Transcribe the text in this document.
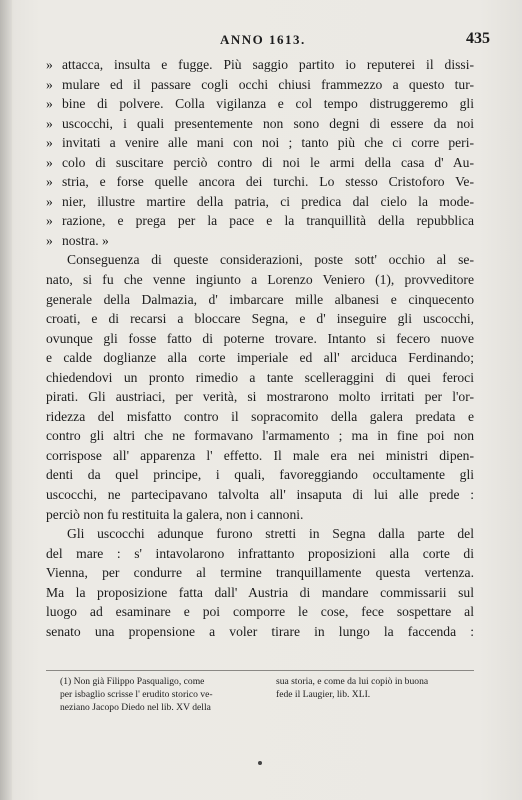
ANNO 1613.	435
» attacca, insulta e fugge. Più saggio partito io reputerei il dissi-
» mulare ed il passare cogli occhi chiusi frammezzo a questo tur-
» bine di polvere. Colla vigilanza e col tempo distruggeremo gli
» uscocchi, i quali presentemente non sono degni di essere da noi
» invitati a venire alle mani con noi ; tanto più che ci corre peri-
» colo di suscitare perciò contro di noi le armi della casa d' Au-
» stria, e forse quelle ancora dei turchi. Lo stesso Cristoforo Ve-
» nier, illustre martire della patria, ci predica dal cielo la mode-
» razione, e prega per la pace e la tranquillità della repubblica
» nostra. »
Conseguenza di queste considerazioni, poste sott' occhio al se-
nato, si fu che venne ingiunto a Lorenzo Veniero (1), provveditore
generale della Dalmazia, d' imbarcare mille albanesi e cinquecento
croati, e di recarsi a bloccare Segna, e d' inseguire gli uscocchi,
ovunque gli fosse fatto di poterne trovare. Intanto si fecero nuove
e calde doglianze alla corte imperiale ed all' arciduca Ferdinando;
chiedendovi un pronto rimedio a tante scelleraggini di quei feroci
pirati. Gli austriaci, per verità, si mostrarono molto irritati per l'or-
ridezza del misfatto contro il sopracomito della galera predata e
contro gli altri che ne formavano l'armamento ; ma in fine poi non
corrispose all' apparenza l' effetto. Il male era nei ministri dipen-
denti da quel principe, i quali, favoreggiando occultamente gli
uscocchi, ne partecipavano talvolta all' insaputa di lui alle prede :
perciò non fu restituita la galera, non i cannoni.
Gli uscocchi adunque furono stretti in Segna dalla parte del
del mare : s' intavolarono infrattanto proposizioni alla corte di
Vienna, per condurre al termine tranquillamente questa vertenza.
Ma la proposizione fatta dall' Austria di mandare commissarii sul
luogo ad esaminare e poi comporre le cose, fece sospettare al
senato una propensione a voler tirare in lungo la faccenda :
(1) Non già Filippo Pasqualigo, come
per isbaglio scrisse l' erudito storico ve-
neziano Jacopo Diedo nel lib. XV della
sua storia, e come da lui copiò in buona
fede il Laugier, lib. XLI.
